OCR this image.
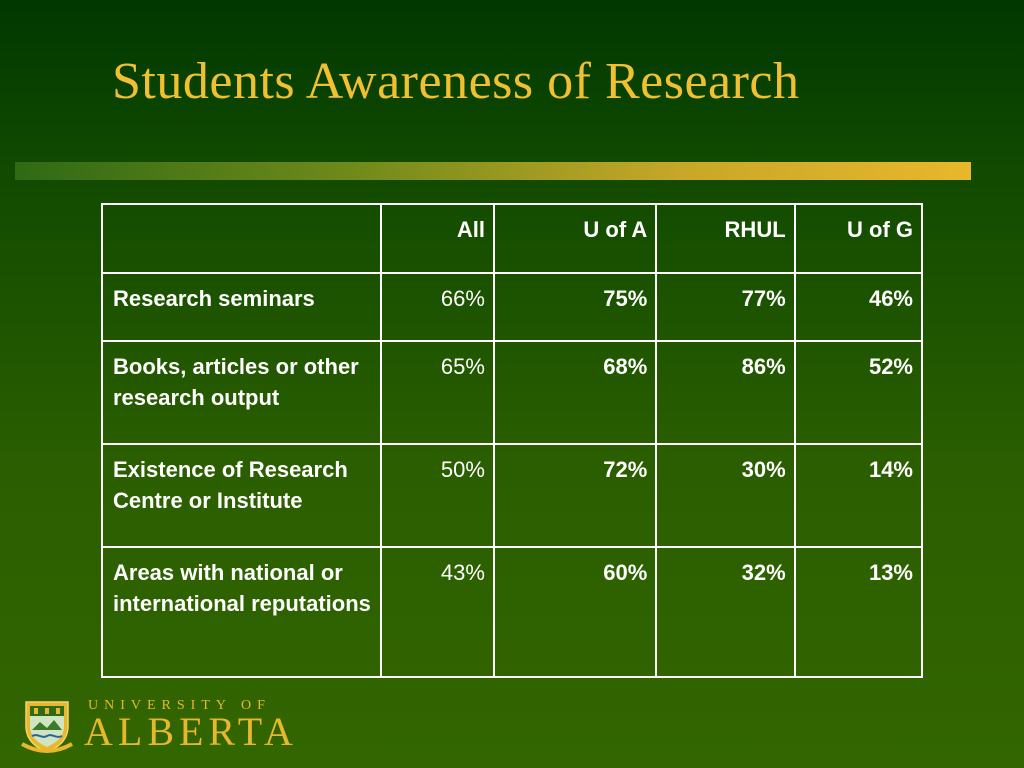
Students Awareness of Research
	All	U of A	RHUL	U of G
Research seminars	66%	75%	77%	46%
Books, articles or other research output	65%	68%	86%	52%
Existence of Research Centre or Institute	50%	72%	30%	14%
Areas with national or international reputations	43%	60%	32%	13%
UNIVERSITY OF
ALBERTA
